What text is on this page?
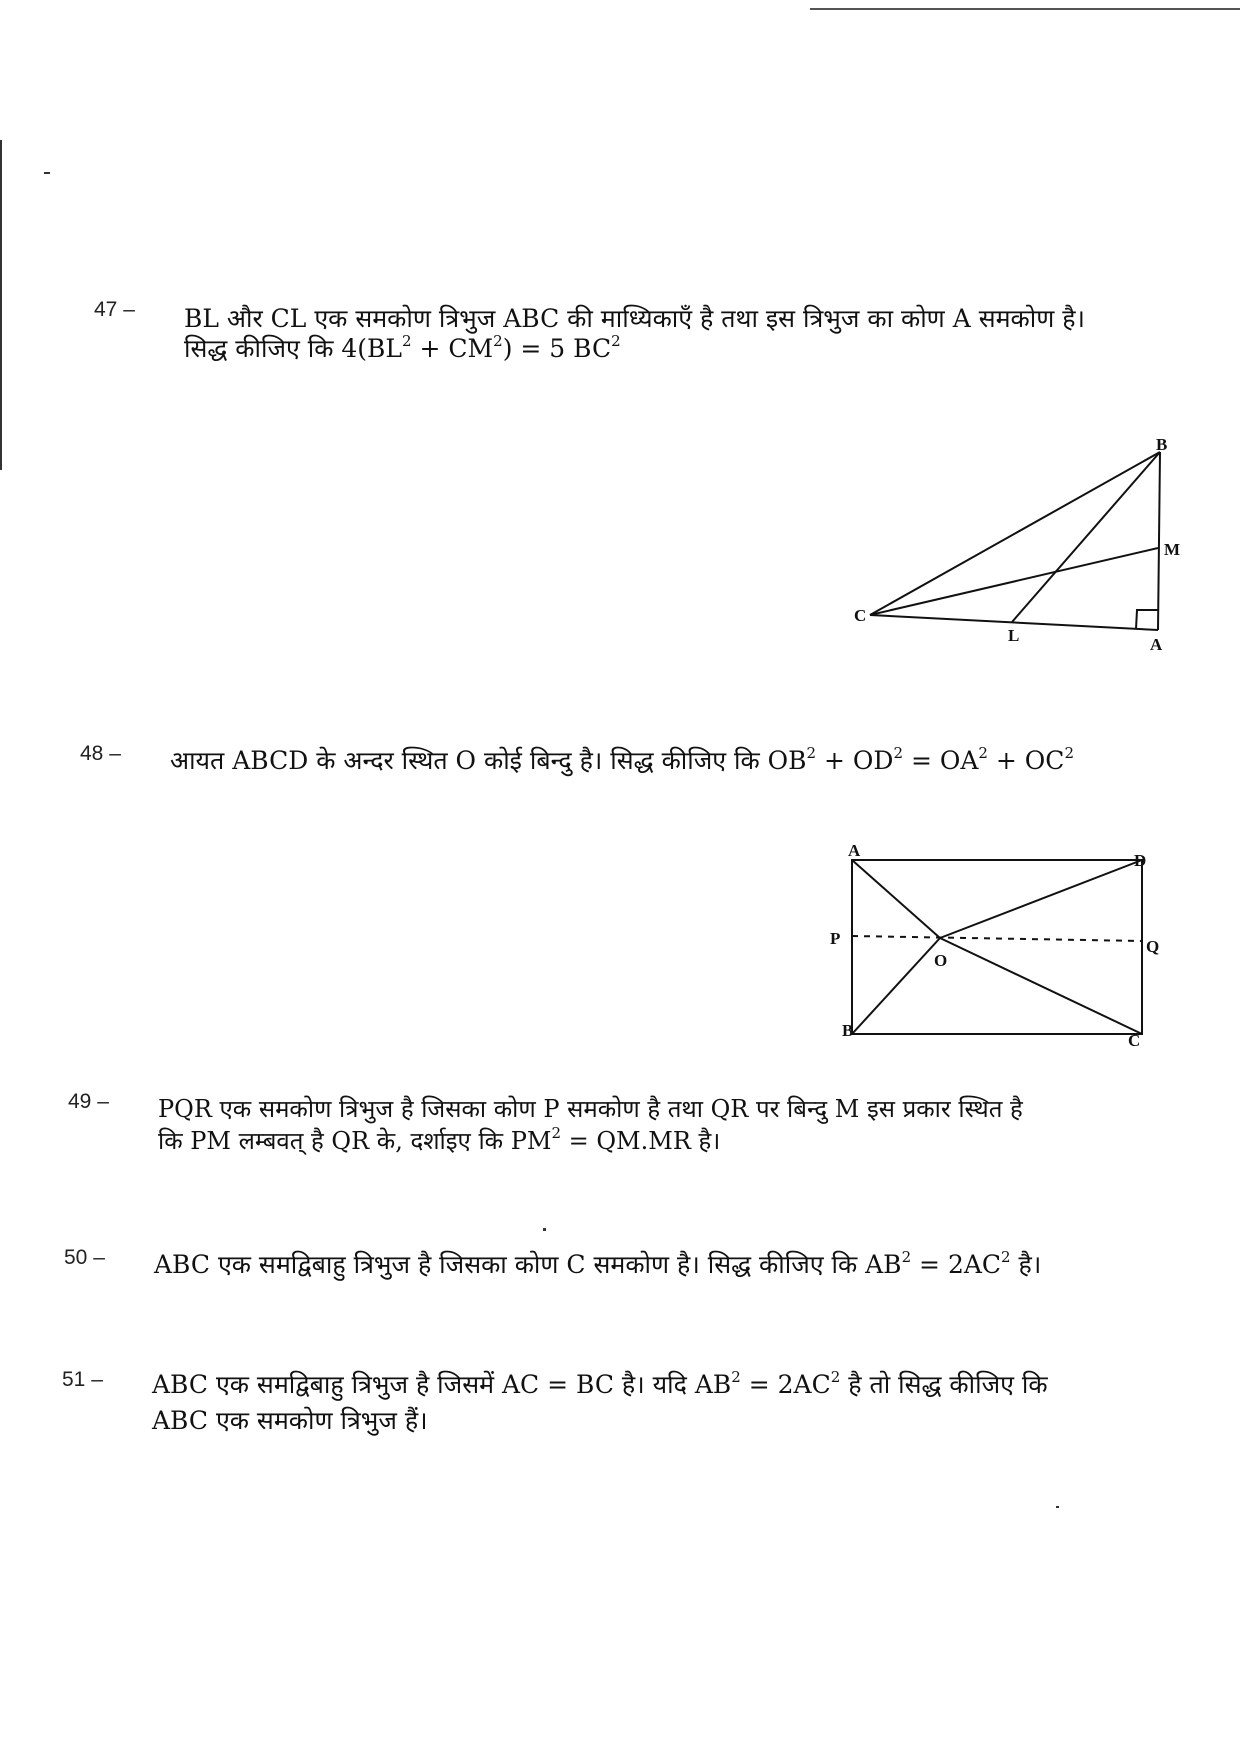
47 – BL और CL एक समकोण त्रिभुज ABC की माध्यिकाएँ है तथा इस त्रिभुज का कोण A समकोण है।
सिद्ध कीजिए कि $4(BL^2 + CM^2) = 5$ $BC^2$
B
M
C
L	A
48 – आयत ABCD के अन्दर स्थित O कोई बिन्दु है। सिद्ध कीजिए कि $OB^2 + OD^2 = OA^2 + OC^2$
A
D
P
O
Q
B
C
49 – PQR एक समकोण त्रिभुज है जिसका कोण P समकोण है तथा QR पर बिन्दु M इस प्रकार स्थित है
कि PM लम्बवत् है QR के, दर्शाइए कि $PM^2 = QM.MR$ है।
50 – ABC एक समद्विबाहु त्रिभुज है जिसका कोण C समकोण है। सिद्ध कीजिए कि $AB^2 = 2AC^2$ है।
51 – ABC एक समद्विबाहु त्रिभुज है जिसमें AC = BC है। यदि $AB^2 = 2AC^2$ है तो सिद्ध कीजिए कि
ABC एक समकोण त्रिभुज हैं।
